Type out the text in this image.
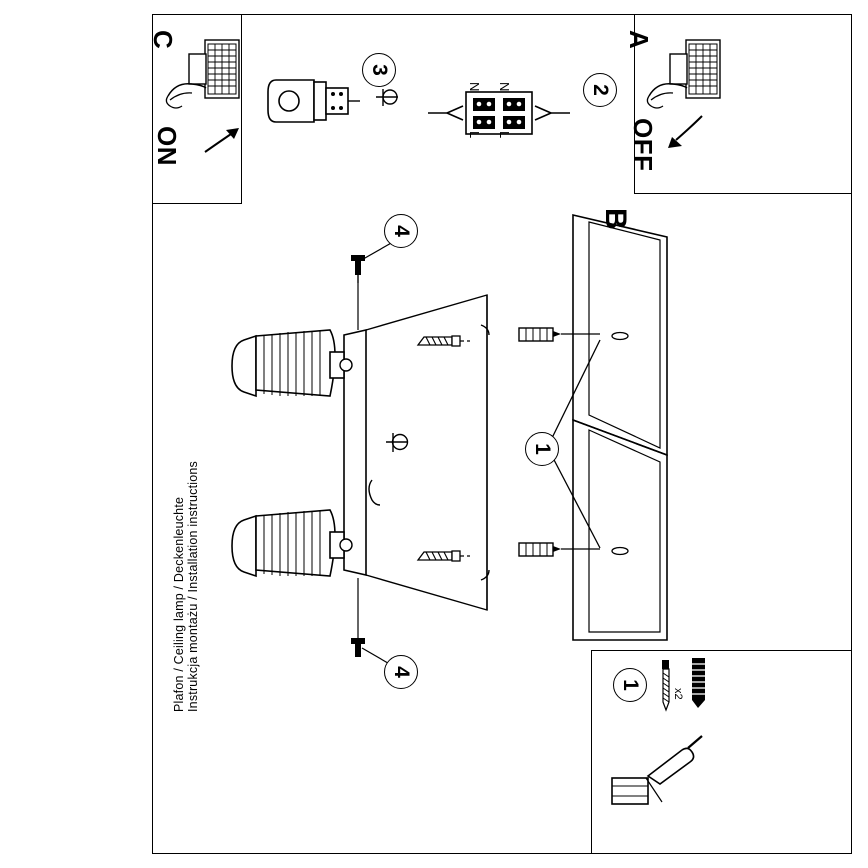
C
ON
A
OFF
2
N N
L L
3
B
1
4
4
1
x2
Instrukcja montażu / Installation instructions
Plafon / Ceiling lamp / Deckenleuchte
